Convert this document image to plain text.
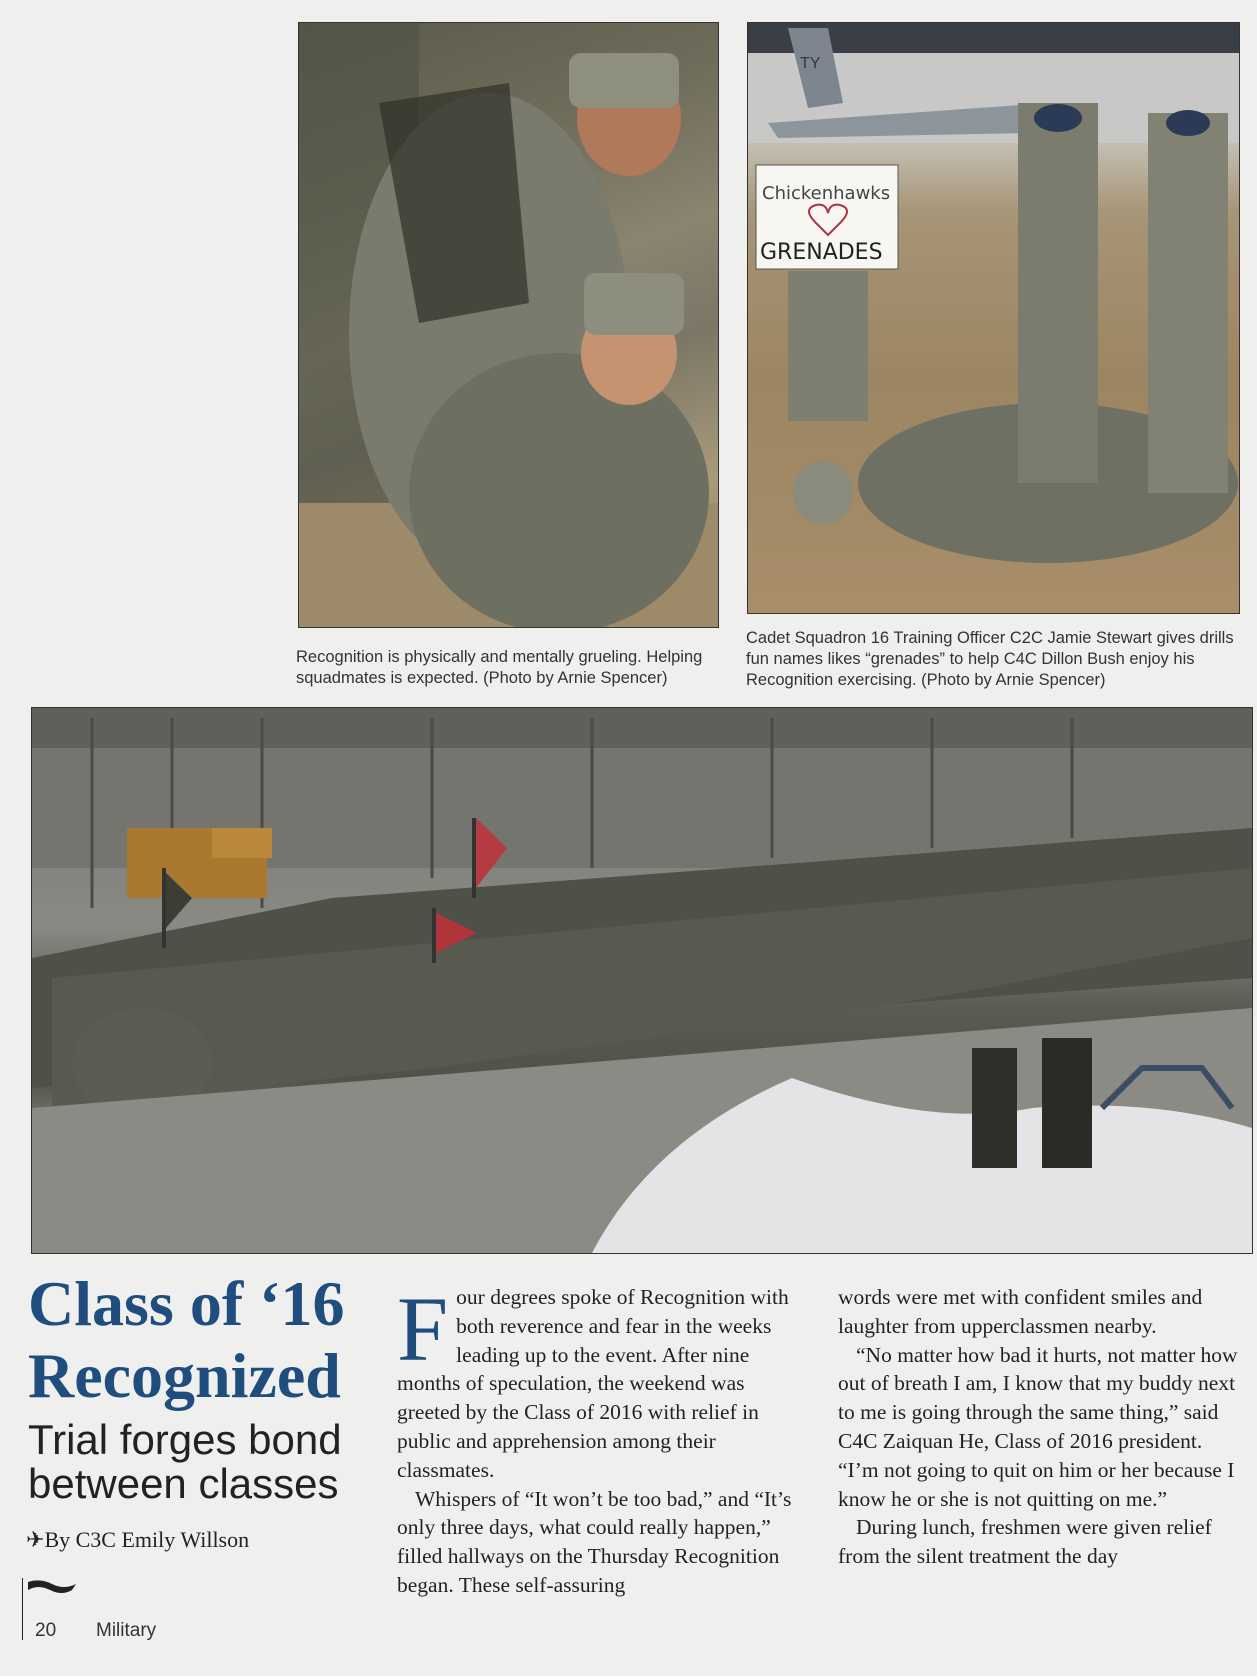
TY
Chickenhawks
GRENADES
Recognition is physically and mentally grueling. Helping squadmates is expected. (Photo by Arnie Spencer)
Cadet Squadron 16 Training Officer C2C Jamie Stewart gives drills fun names likes “grenades” to help C4C Dillon Bush enjoy his Recognition exercising. (Photo by Arnie Spencer)
Class of ‘16
Recognized
Trial forges bond
between classes
✈By C3C Emily Willson

Four degrees spoke of Recognition with both reverence and fear in the weeks leading up to the event. After nine months of speculation, the weekend was greeted by the Class of 2016 with relief in public and apprehension among their classmates.

Whispers of “It won’t be too bad,” and “It’s only three days, what could really happen,” filled hallways on the Thursday Recognition began. These self-assuring

words were met with confident smiles and laughter from upperclassmen nearby.

“No matter how bad it hurts, not matter how out of breath I am, I know that my buddy next to me is going through the same thing,” said C4C Zaiquan He, Class of 2016 president. “I’m not going to quit on him or her because I know he or she is not quitting on me.”

During lunch, freshmen were given relief from the silent treatment the day

20 Military
